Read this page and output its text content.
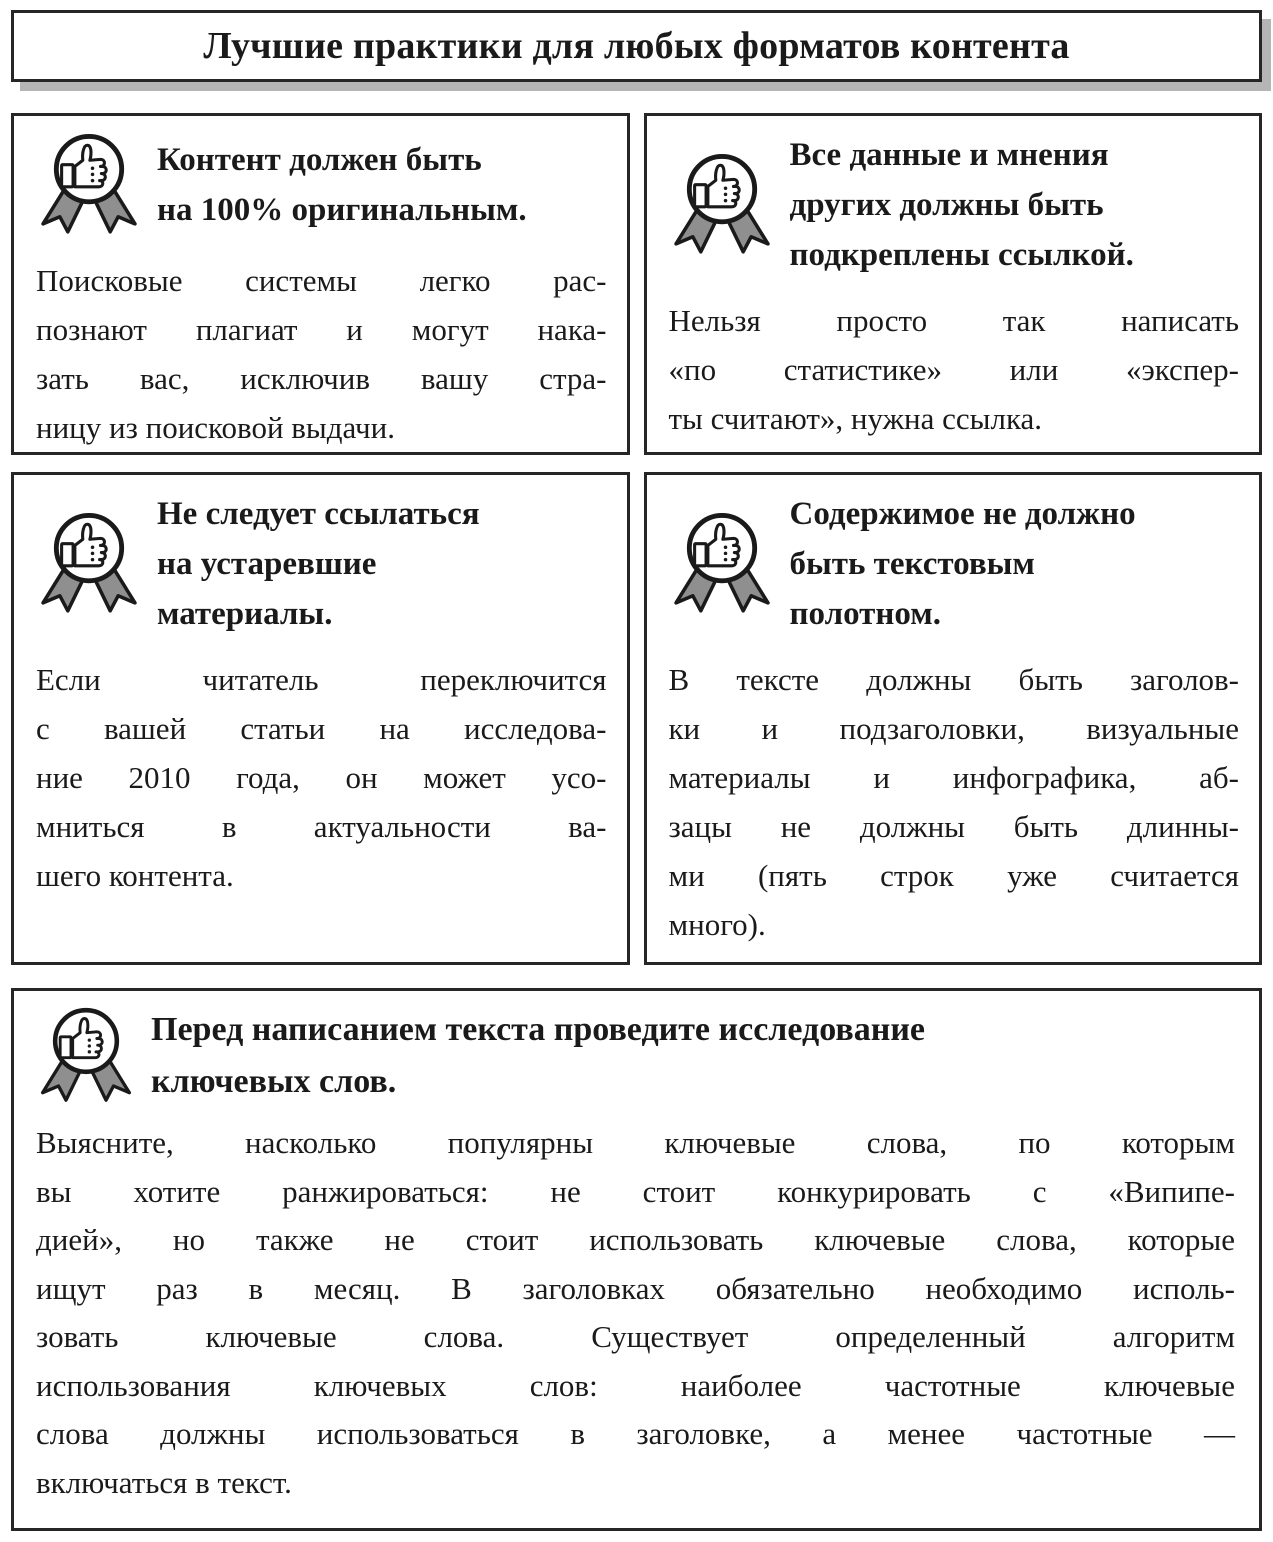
Лучшие практики для любых форматов контента
Контент должен быть
на 100% оригинальным.
Поисковые системы легко рас-
познают плагиат и могут нака-
зать вас, исключив вашу стра-
ницу из поисковой выдачи.
Все данные и мнения
других должны быть
подкреплены ссылкой.
Нельзя просто так написать
«по статистике» или «экспер-
ты считают», нужна ссылка.
Не следует ссылаться
на устаревшие
материалы.
Если читатель переключится
с вашей статьи на исследова-
ние 2010 года, он может усо-
мниться в актуальности ва-
шего контента.
Содержимое не должно
быть текстовым
полотном.
В тексте должны быть заголов-
ки и подзаголовки, визуальные
материалы и инфографика, аб-
зацы не должны быть длинны-
ми (пять строк уже считается
много).
Перед написанием текста проведите исследование
ключевых слов.
Выясните, насколько популярны ключевые слова, по которым
вы хотите ранжироваться: не стоит конкурировать с «Випипе-
дией», но также не стоит использовать ключевые слова, которые
ищут раз в месяц. В заголовках обязательно необходимо исполь-
зовать ключевые слова. Существует определенный алгоритм
использования ключевых слов: наиболее частотные ключевые
слова должны использоваться в заголовке, а менее частотные —
включаться в текст.
